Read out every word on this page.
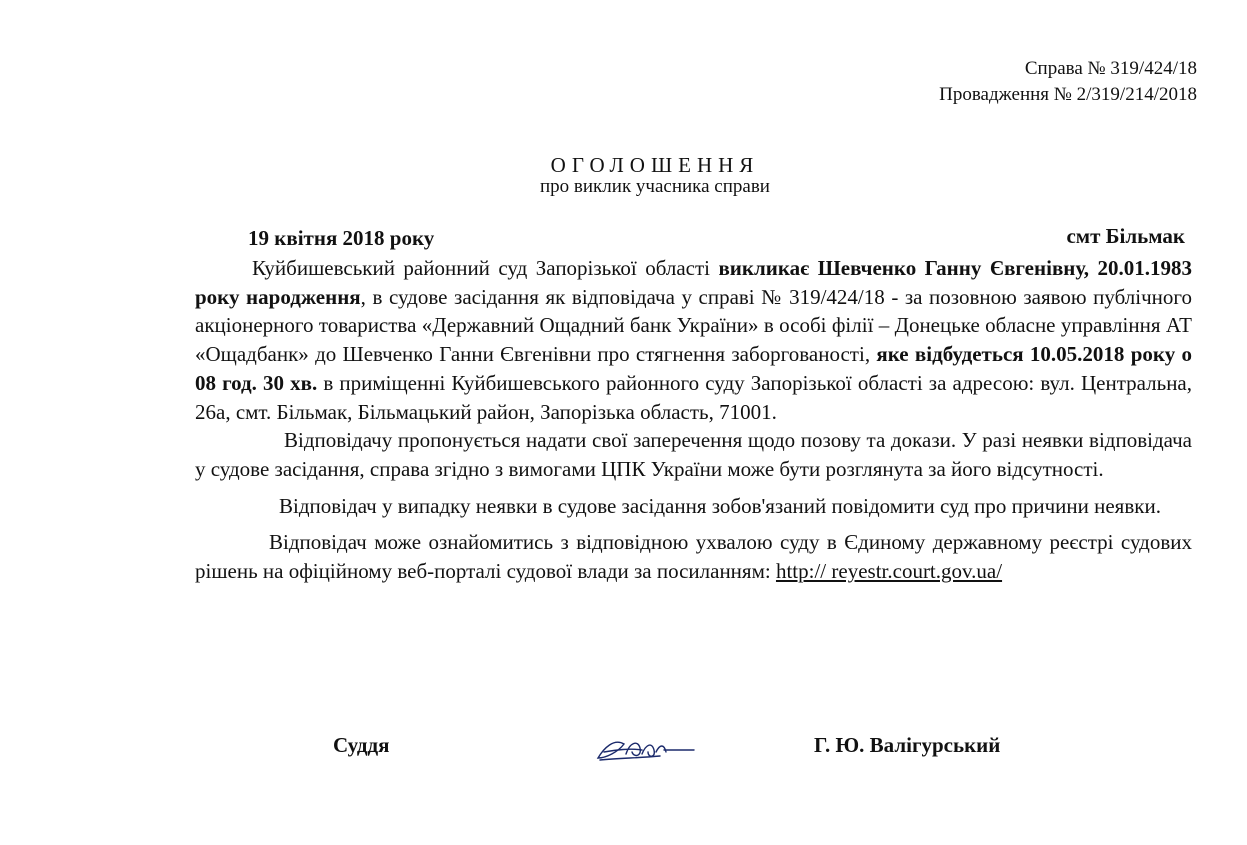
Справа № 319/424/18
Провадження № 2/319/214/2018
ОГОЛОШЕННЯ
про виклик учасника справи
19 квітня 2018 року	смт Більмак

Куйбишевський районний суд Запорізької області викликає Шевченко Ганну Євгенівну, 20.01.1983 року народження, в судове засідання як відповідача у справі № 319/424/18 - за позовною заявою публічного акціонерного товариства «Державний Ощадний банк України» в особі філії – Донецьке обласне управління АТ «Ощадбанк» до Шевченко Ганни Євгенівни про стягнення заборгованості, яке відбудеться 10.05.2018 року о 08 год. 30 хв. в приміщенні Куйбишевського районного суду Запорізької області за адресою: вул. Центральна, 26а, смт. Більмак, Більмацький район, Запорізька область, 71001.

Відповідачу пропонується надати свої заперечення щодо позову та докази. У разі неявки відповідача у судове засідання, справа згідно з вимогами ЦПК України може бути розглянута за його відсутності.

Відповідач у випадку неявки в судове засідання зобов'язаний повідомити суд про причини неявки.

Відповідач може ознайомитись з відповідною ухвалою суду в Єдиному державному реєстрі судових рішень на офіційному веб-порталі судової влади за посиланням: http:// reyestr.court.gov.ua/

Суддя	Г. Ю. Валігурський
